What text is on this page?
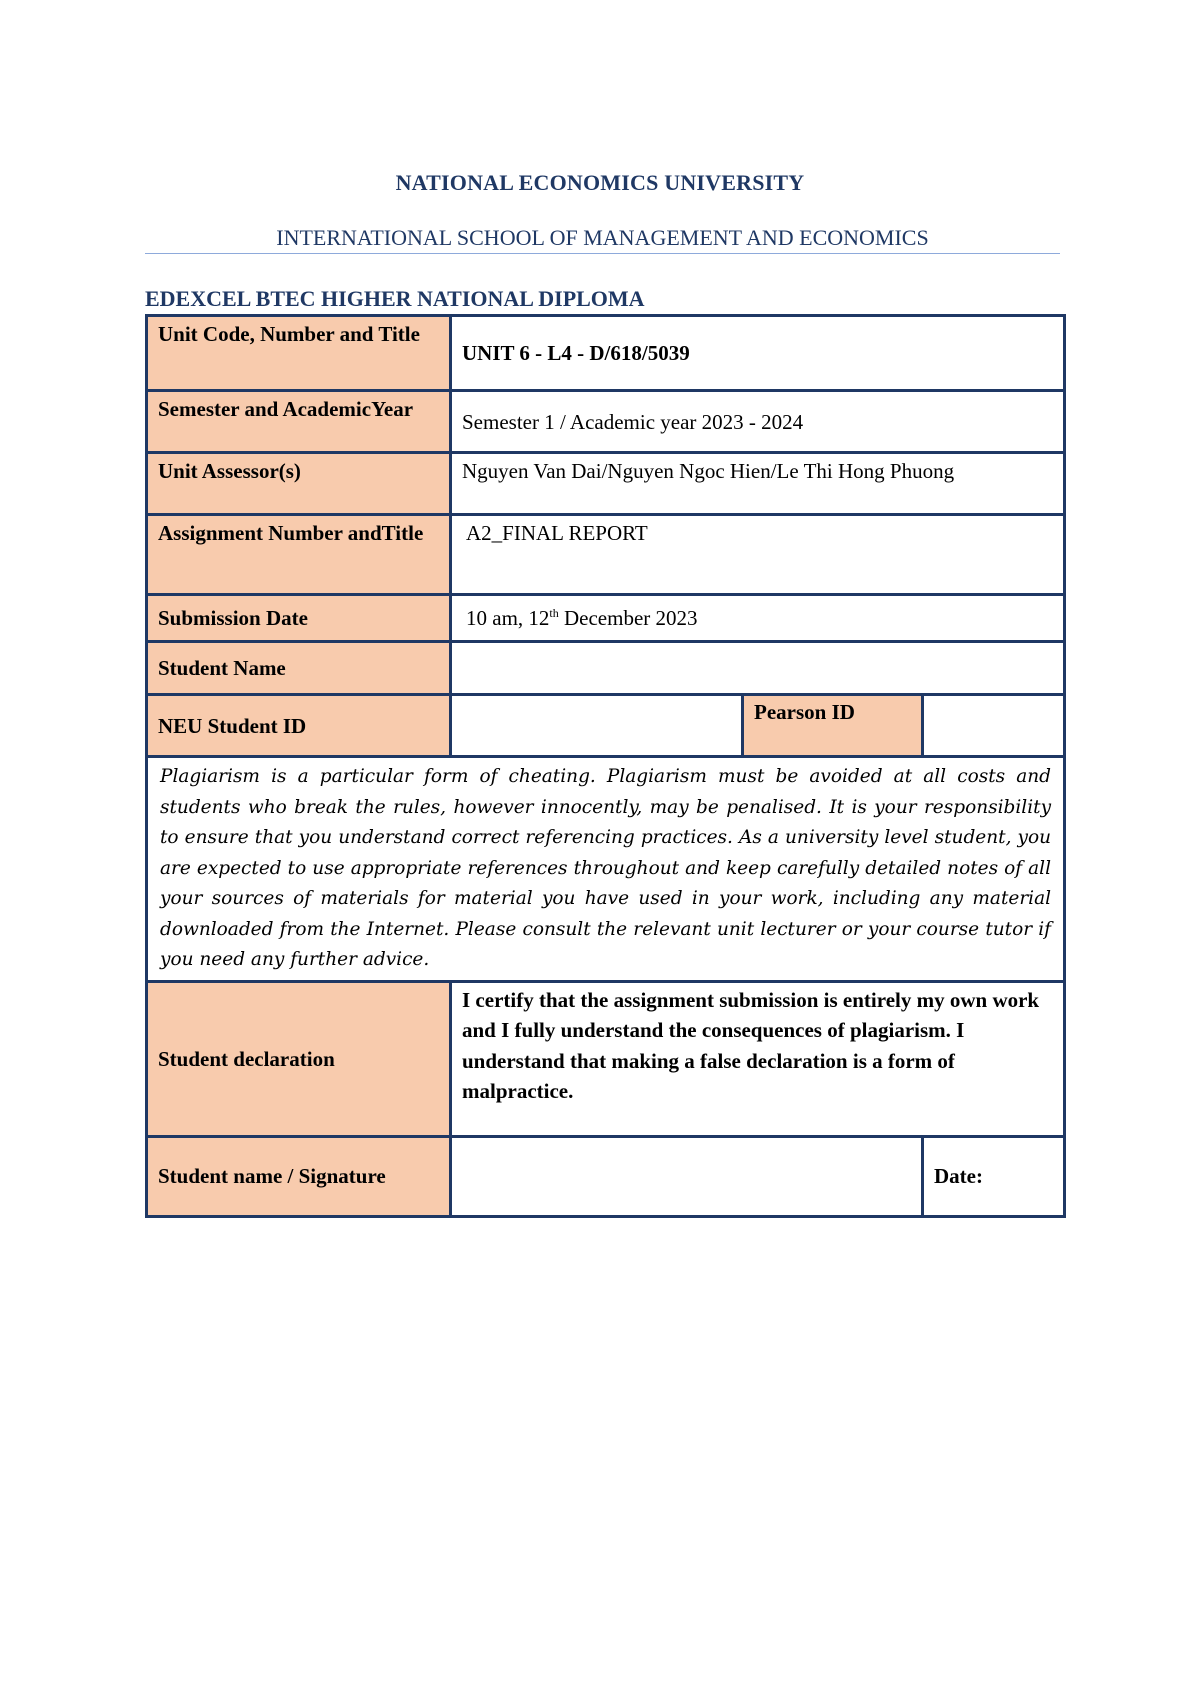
NATIONAL ECONOMICS UNIVERSITY
INTERNATIONAL SCHOOL OF MANAGEMENT AND ECONOMICS
EDEXCEL BTEC HIGHER NATIONAL DIPLOMA
Unit Code, Number and Title	UNIT 6 - L4 - D/618/5039		
Semester and AcademicYear	Semester 1 / Academic year 2023 - 2024		
Unit Assessor(s)	Nguyen Van Dai/Nguyen Ngoc Hien/Le Thi Hong Phuong		
Assignment Number andTitle	A2_FINAL REPORT		
Submission Date	10 am, 12th December 2023		
Student Name			
NEU Student ID		Pearson ID	
Plagiarism is a particular form of cheating. Plagiarism must be avoided at all costs and students who break the rules, however innocently, may be penalised. It is your responsibility to ensure that you understand correct referencing practices. As a university level student, you are expected to use appropriate references throughout and keep carefully detailed notes of all your sources of materials for material you have used in your work, including any material downloaded from the Internet. Please consult the relevant unit lecturer or your course tutor if you need any further advice.			
Student declaration	I certify that the assignment submission is entirely my own work and I fully understand the consequences of plagiarism. I understand that making a false declaration is a form of malpractice.		
Student name / Signature			Date:
